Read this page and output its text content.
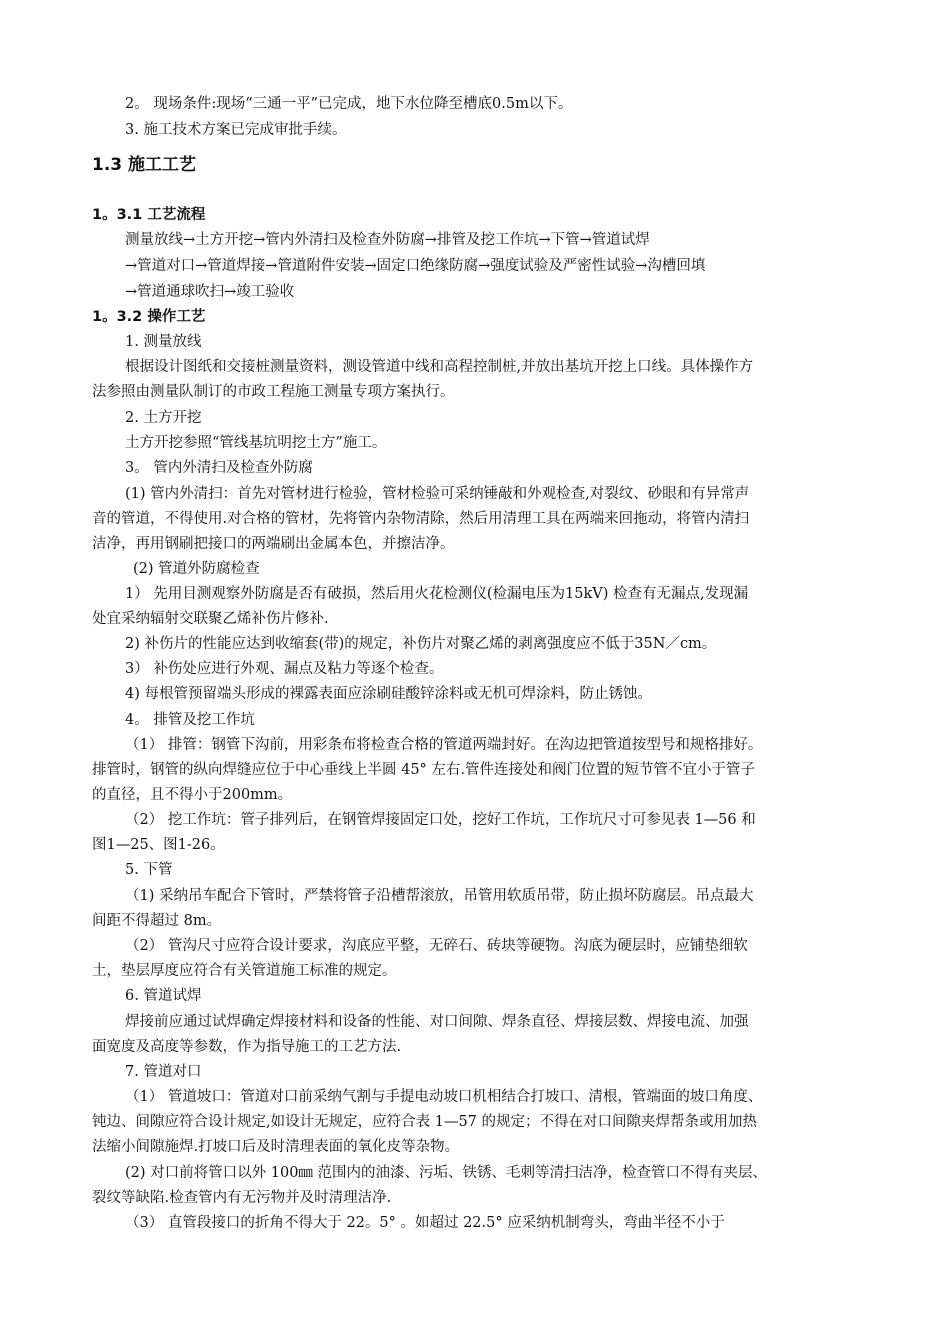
2。 现场条件:现场“三通一平”已完成，地下水位降至槽底0.5m以下。
3. 施工技术方案已完成审批手续。
1.3 施工工艺
1。3.1 工艺流程
测量放线→土方开挖→管内外清扫及检查外防腐→排管及挖工作坑→下管→管道试焊
→管道对口→管道焊接→管道附件安装→固定口绝缘防腐→强度试验及严密性试验→沟槽回填
→管道通球吹扫→竣工验收
1。3.2 操作工艺
1. 测量放线
根据设计图纸和交接桩测量资料，测设管道中线和高程控制桩,并放出基坑开挖上口线。具体操作方
法参照由测量队制订的市政工程施工测量专项方案执行。
2. 土方开挖
土方开挖参照“管线基坑明挖土方”施工。
3。 管内外清扫及检查外防腐
(1) 管内外清扫：首先对管材进行检验，管材检验可采纳锤敲和外观检查,对裂纹、砂眼和有异常声
音的管道，不得使用.对合格的管材，先将管内杂物清除，然后用清理工具在两端来回拖动，将管内清扫
洁净，再用钢刷把接口的两端刷出金属本色，并擦洁净。
(2) 管道外防腐检查
1） 先用目测观察外防腐是否有破损，然后用火花检测仪(检漏电压为15kV) 检查有无漏点,发现漏
处宜采纳辐射交联聚乙烯补伤片修补.
2) 补伤片的性能应达到收缩套(带)的规定，补伤片对聚乙烯的剥离强度应不低于35N／cm。
3） 补伤处应进行外观、漏点及粘力等逐个检查。
4) 每根管预留端头形成的裸露表面应涂刷硅酸锌涂料或无机可焊涂料，防止锈蚀。
4。 排管及挖工作坑
（1） 排管：钢管下沟前，用彩条布将检查合格的管道两端封好。在沟边把管道按型号和规格排好。
排管时，钢管的纵向焊缝应位于中心垂线上半圆 45° 左右.管件连接处和阀门位置的短节管不宜小于管子
的直径，且不得小于200mm。
（2） 挖工作坑：管子排列后，在钢管焊接固定口处，挖好工作坑，工作坑尺寸可参见表 1—56 和
图1—25、图1-26。
5. 下管
（1) 采纳吊车配合下管时，严禁将管子沿槽帮滚放，吊管用软质吊带，防止损坏防腐层。吊点最大
间距不得超过 8m。
（2） 管沟尺寸应符合设计要求，沟底应平整，无碎石、砖块等硬物。沟底为硬层时，应铺垫细软
土，垫层厚度应符合有关管道施工标准的规定。
6. 管道试焊
焊接前应通过试焊确定焊接材料和设备的性能、对口间隙、焊条直径、焊接层数、焊接电流、加强
面宽度及高度等参数，作为指导施工的工艺方法.
7. 管道对口
（1） 管道坡口：管道对口前采纳气割与手提电动坡口机相结合打坡口、清根，管端面的坡口角度、
钝边、间隙应符合设计规定,如设计无规定，应符合表 1—57 的规定；不得在对口间隙夹焊帮条或用加热
法缩小间隙施焊.打坡口后及时清理表面的氧化皮等杂物。
(2) 对口前将管口以外 100㎜ 范围内的油漆、污垢、铁锈、毛刺等清扫洁净，检查管口不得有夹层、
裂纹等缺陷.检查管内有无污物并及时清理洁净.
（3） 直管段接口的折角不得大于 22。5° 。如超过 22.5° 应采纳机制弯头，弯曲半径不小于
